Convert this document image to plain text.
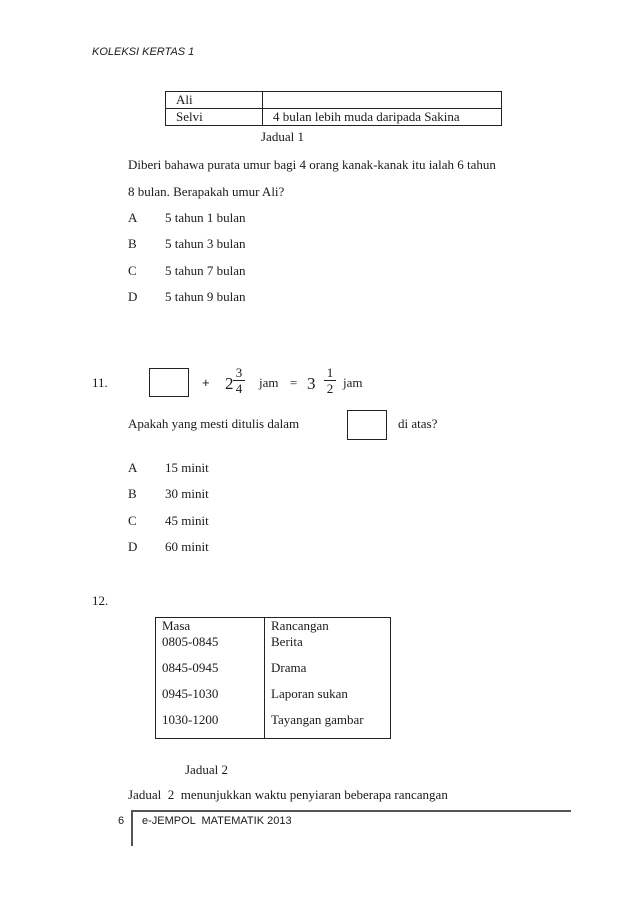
KOLEKSI KERTAS 1
Ali	
Selvi	4 bulan lebih muda daripada Sakina
Jadual 1
Diberi bahawa purata umur bagi 4 orang kanak-kanak itu ialah 6 tahun
8 bulan. Berapakah umur Ali?
A 5 tahun 1 bulan
B 5 tahun 3 bulan
C 5 tahun 7 bulan
D 5 tahun 9 bulan
11.	+ 2
3
4 jam = 3
1
2 jam
Apakah yang mesti ditulis dalam	di atas?
A 15 minit
B 30 minit
C 45 minit
D 60 minit
12.
Masa	Rancangan
0805-0845	Berita
0845-0945	Drama
0945-1030	Laporan sukan
1030-1200	Tayangan gambar
Jadual 2
Jadual  2  menunjukkan waktu penyiaran beberapa rancangan
6 e-JEMPOL  MATEMATIK 2013
